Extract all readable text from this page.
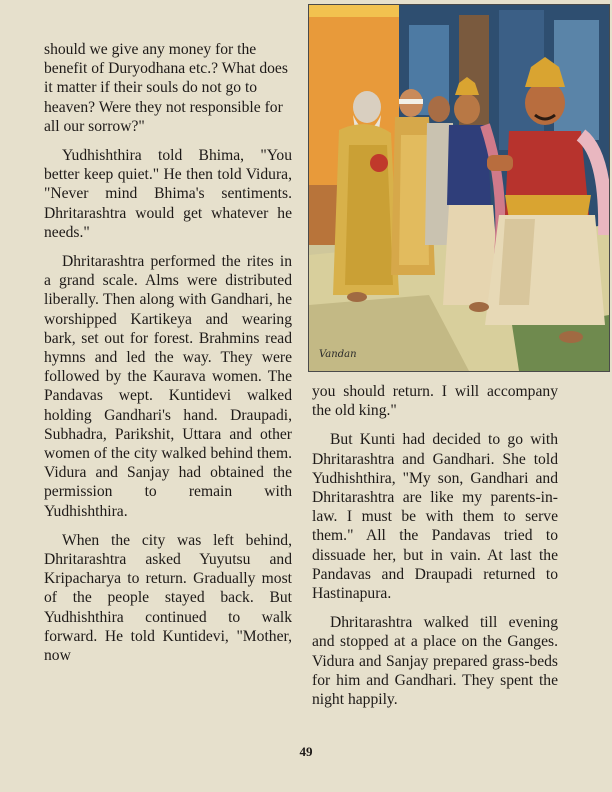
Vandan

should we give any money for the benefit of Duryodhana etc.? What does it matter if their souls do not go to heaven? Were they not responsible for all our sorrow?"

Yudhishthira told Bhima, "You better keep quiet." He then told Vidura, "Never mind Bhima's sentiments. Dhritarashtra would get whatever he needs."

Dhritarashtra performed the rites in a grand scale. Alms were distributed liberally. Then along with Gandhari, he worshipped Kartikeya and wearing bark, set out for forest. Brahmins read hymns and led the way. They were followed by the Kaurava women. The Pandavas wept. Kuntidevi walked holding Gandhari's hand. Draupadi, Subhadra, Parikshit, Uttara and other women of the city walked behind them. Vidura and Sanjay had obtained the permission to remain with Yudhishthira.

When the city was left behind, Dhritarashtra asked Yuyutsu and Kripacharya to return. Gradually most of the people stayed back. But Yudhishthira continued to walk forward. He told Kuntidevi, "Mother, now

you should return. I will accompany the old king."

But Kunti had decided to go with Dhritarashtra and Gandhari. She told Yudhishthira, "My son, Gandhari and Dhritarashtra are like my parents-in-law. I must be with them to serve them." All the Pandavas tried to dissuade her, but in vain. At last the Pandavas and Draupadi returned to Hastinapura.

Dhritarashtra walked till evening and stopped at a place on the Ganges. Vidura and Sanjay prepared grass-beds for him and Gandhari. They spent the night happily.

49
